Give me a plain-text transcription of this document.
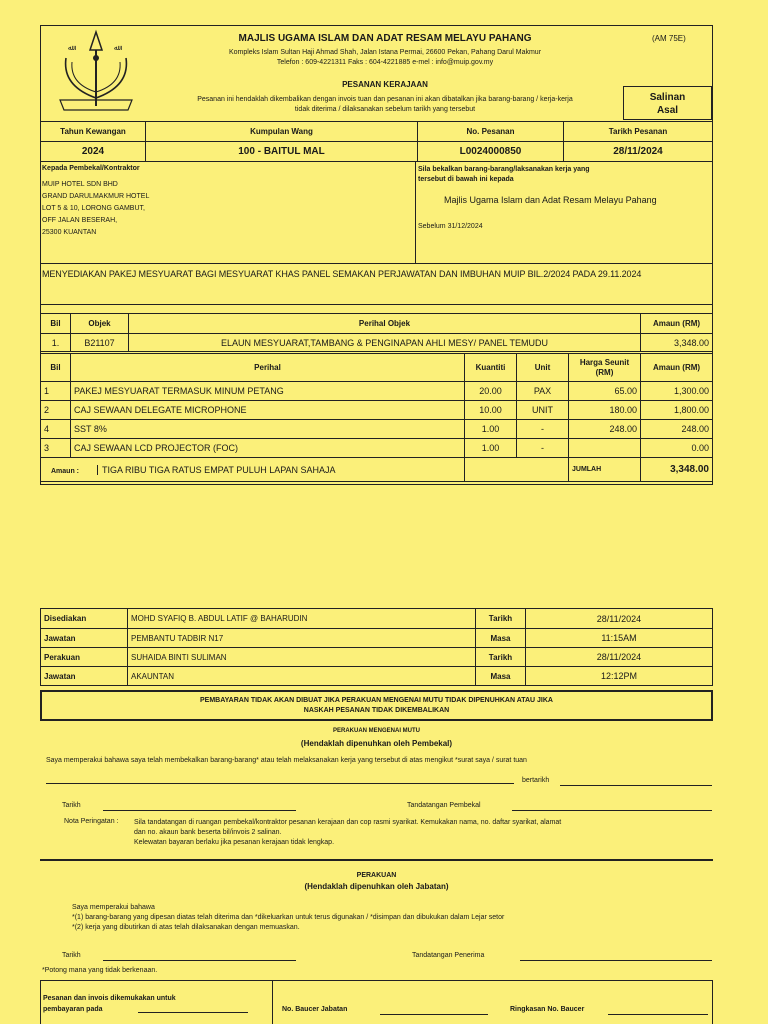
ﷲ	ﷲ
MAJLIS UGAMA ISLAM DAN ADAT RESAM MELAYU PAHANG	(AM 75E)
Kompleks Islam Sultan Haji Ahmad Shah, Jalan Istana Permai, 26600 Pekan, Pahang Darul Makmur
Telefon : 609-4221311 Faks : 604-4221885 e-mel : info@muip.gov.my
PESANAN KERAJAAN
Pesanan ini hendaklah dikembalikan dengan invois tuan dan pesanan ini akan dibatalkan jika barang-barang / kerja-kerja
tidak diterima / dilaksanakan sebelum tarikh yang tersebut
Salinan
Asal
Tahun Kewangan	Kumpulan Wang	No. Pesanan	Tarikh Pesanan
2024	100 - BAITUL MAL	L0024000850	28/11/2024
Kepada Pembekal/Kontraktor
MUIP HOTEL SDN BHD
GRAND DARULMAKMUR HOTEL
LOT 5 & 10, LORONG GAMBUT,
OFF JALAN BESERAH,
25300 KUANTAN
Sila bekalkan barang-barang/laksanakan kerja yang
tersebut di bawah ini kepada
Majlis Ugama Islam dan Adat Resam Melayu Pahang
Sebelum 31/12/2024
MENYEDIAKAN PAKEJ MESYUARAT BAGI MESYUARAT KHAS PANEL SEMAKAN PERJAWATAN DAN IMBUHAN MUIP BIL.2/2024 PADA 29.11.2024
Bil	Objek	Perihal Objek	Amaun (RM)
1.	B21107	ELAUN MESYUARAT,TAMBANG & PENGINAPAN AHLI MESY/ PANEL TEMUDU	3,348.00
Bil	Perihal	Kuantiti	Unit	Harga Seunit
(RM)	Amaun (RM)
1	PAKEJ MESYUARAT TERMASUK MINUM PETANG	20.00	PAX	65.00	1,300.00
2	CAJ SEWAAN DELEGATE MICROPHONE	10.00	UNIT	180.00	1,800.00
4	SST 8%	1.00	-	248.00	248.00
3	CAJ SEWAAN LCD PROJECTOR (FOC)	1.00	-		0.00
Amaun : TIGA RIBU TIGA RATUS EMPAT PULUH LAPAN SAHAJA				JUMLAH	3,348.00
Disediakan	MOHD SYAFIQ B. ABDUL LATIF @ BAHARUDIN	Tarikh	28/11/2024
Jawatan	PEMBANTU TADBIR N17	Masa	11:15AM
Perakuan	SUHAIDA BINTI SULIMAN	Tarikh	28/11/2024
Jawatan	AKAUNTAN	Masa	12:12PM
PEMBAYARAN TIDAK AKAN DIBUAT JIKA PERAKUAN MENGENAI MUTU TIDAK DIPENUHKAN ATAU JIKA
NASKAH PESANAN TIDAK DIKEMBALIKAN
PERAKUAN MENGENAI MUTU
(Hendaklah dipenuhkan oleh Pembekal)
Saya memperakui bahawa saya telah membekalkan barang-barang* atau telah melaksanakan kerja yang tersebut di atas mengikut *surat saya / surat tuan
bertarikh
Tarikh	Tandatangan Pembekal
Nota Peringatan : Sila tandatangan di ruangan pembekal/kontraktor pesanan kerajaan dan cop rasmi syarikat. Kemukakan nama, no. daftar syarikat, alamat
dan no. akaun bank beserta bil/invois 2 salinan.
Kelewatan bayaran berlaku jika pesanan kerajaan tidak lengkap.
PERAKUAN
(Hendaklah dipenuhkan oleh Jabatan)
Saya memperakui bahawa
*(1) barang-barang yang dipesan diatas telah diterima dan *dikeluarkan untuk terus digunakan / *disimpan dan dibukukan dalam Lejar setor
*(2) kerja yang dibutirkan di atas telah dilaksanakan dengan memuaskan.
Tarikh	Tandatangan Penerima
*Potong mana yang tidak berkenaan.
Pesanan dan invois dikemukakan untuk
pembayaran pada	No. Baucer Jabatan	Ringkasan No. Baucer
